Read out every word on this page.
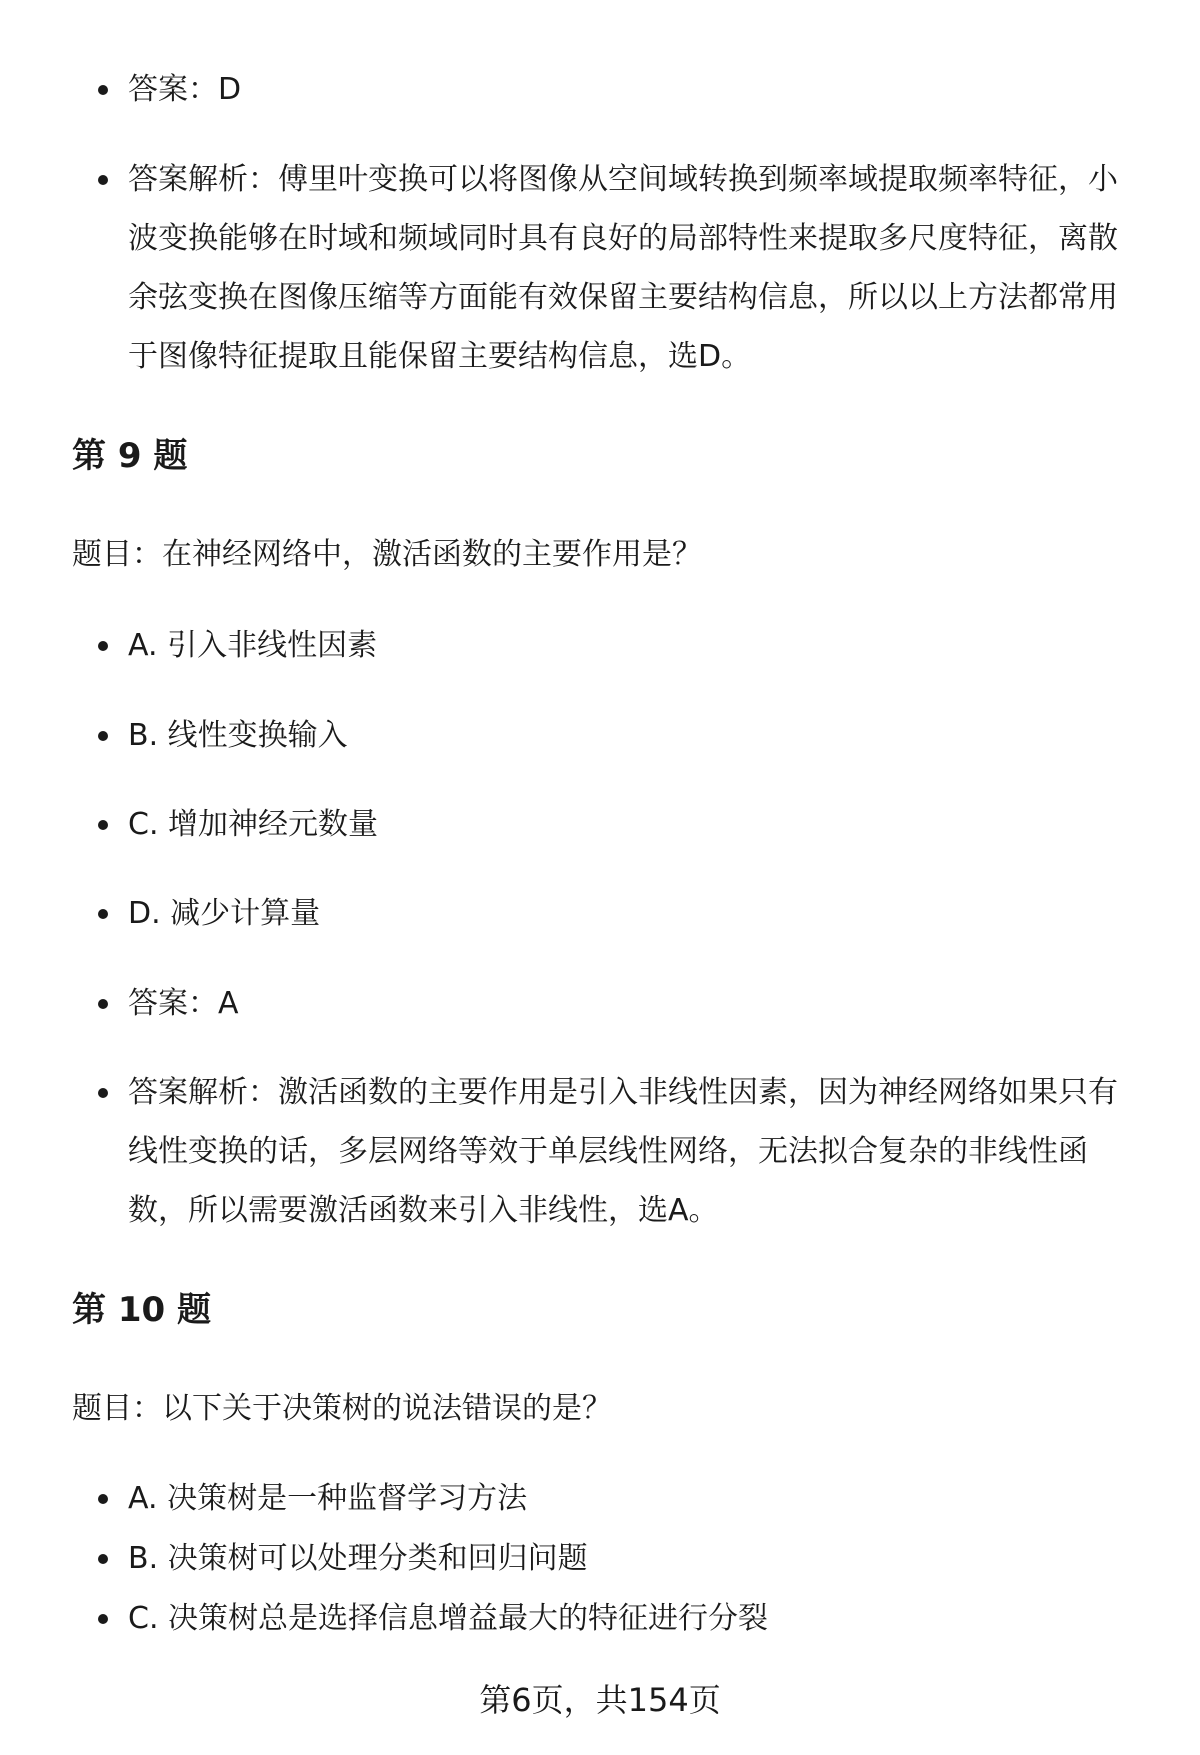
答案：D
答案解析：傅里叶变换可以将图像从空间域转换到频率域提取频率特征，小波变换能够在时域和频域同时具有良好的局部特性来提取多尺度特征，离散余弦变换在图像压缩等方面能有效保留主要结构信息，所以以上方法都常用于图像特征提取且能保留主要结构信息，选D。
第 9 题
题目：在神经网络中，激活函数的主要作用是？
A. 引入非线性因素
B. 线性变换输入
C. 增加神经元数量
D. 减少计算量
答案：A
答案解析：激活函数的主要作用是引入非线性因素，因为神经网络如果只有线性变换的话，多层网络等效于单层线性网络，无法拟合复杂的非线性函数，所以需要激活函数来引入非线性，选A。
第 10 题
题目：以下关于决策树的说法错误的是？
A. 决策树是一种监督学习方法
B. 决策树可以处理分类和回归问题
C. 决策树总是选择信息增益最大的特征进行分裂
第6页，共154页
